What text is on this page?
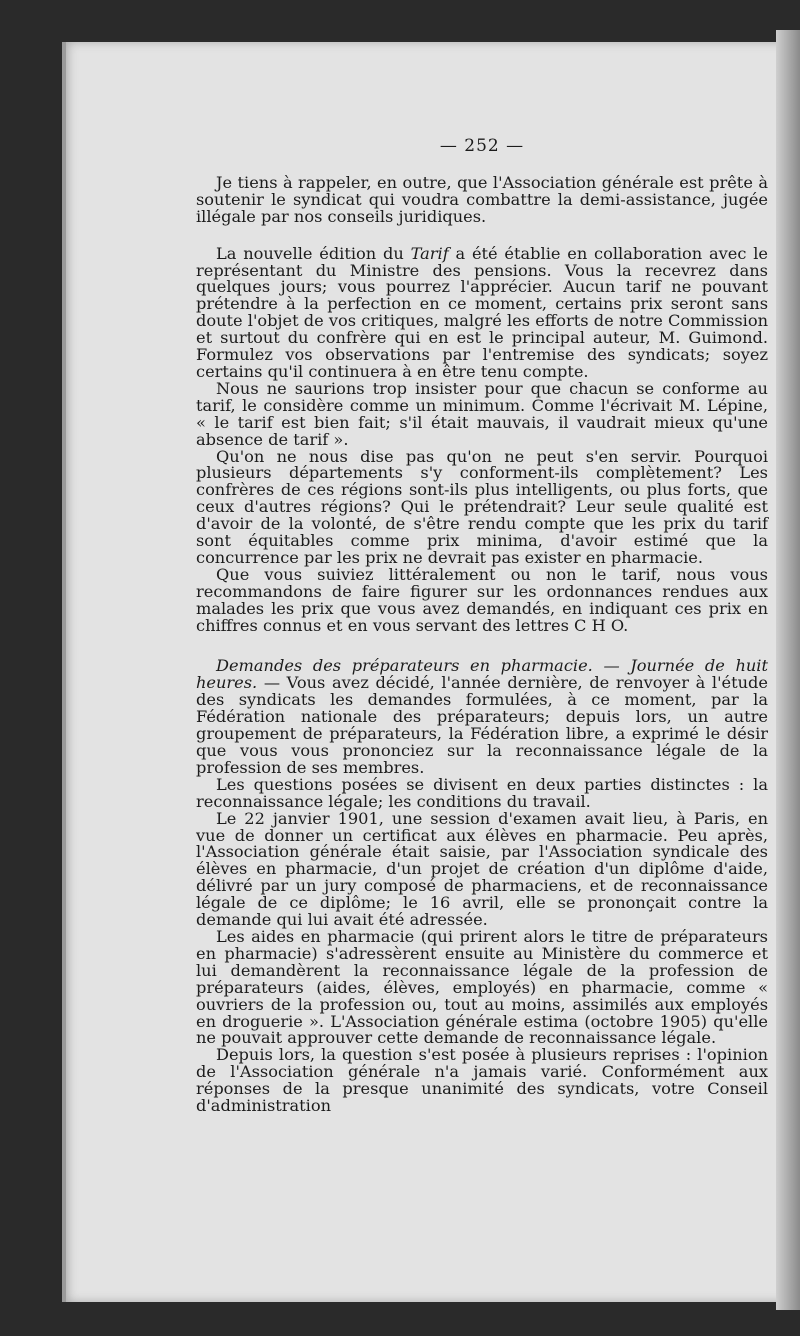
— 252 —

Je tiens à rappeler, en outre, que l'Association générale est prête à soutenir le syndicat qui voudra combattre la demi-assistance, jugée illégale par nos conseils juridiques.

La nouvelle édition du Tarif a été établie en collaboration avec le représentant du Ministre des pensions. Vous la recevrez dans quelques jours; vous pourrez l'apprécier. Aucun tarif ne pouvant prétendre à la perfection en ce moment, certains prix seront sans doute l'objet de vos critiques, malgré les efforts de notre Commission et surtout du confrère qui en est le principal auteur, M. Guimond. Formulez vos observations par l'entremise des syndicats; soyez certains qu'il continuera à en être tenu compte.

Nous ne saurions trop insister pour que chacun se conforme au tarif, le considère comme un minimum. Comme l'écrivait M. Lépine, « le tarif est bien fait; s'il était mauvais, il vaudrait mieux qu'une absence de tarif ».

Qu'on ne nous dise pas qu'on ne peut s'en servir. Pourquoi plusieurs départements s'y conforment-ils complètement? Les confrères de ces régions sont-ils plus intelligents, ou plus forts, que ceux d'autres régions? Qui le prétendrait? Leur seule qualité est d'avoir de la volonté, de s'être rendu compte que les prix du tarif sont équitables comme prix minima, d'avoir estimé que la concurrence par les prix ne devrait pas exister en pharmacie.

Que vous suiviez littéralement ou non le tarif, nous vous recommandons de faire figurer sur les ordonnances rendues aux malades les prix que vous avez demandés, en indiquant ces prix en chiffres connus et en vous servant des lettres C H O.

Demandes des préparateurs en pharmacie. — Journée de huit heures. — Vous avez décidé, l'année dernière, de renvoyer à l'étude des syndicats les demandes formulées, à ce moment, par la Fédération nationale des préparateurs; depuis lors, un autre groupement de préparateurs, la Fédération libre, a exprimé le désir que vous vous prononciez sur la reconnaissance légale de la profession de ses membres.

Les questions posées se divisent en deux parties distinctes : la reconnaissance légale; les conditions du travail.

Le 22 janvier 1901, une session d'examen avait lieu, à Paris, en vue de donner un certificat aux élèves en pharmacie. Peu après, l'Association générale était saisie, par l'Association syndicale des élèves en pharmacie, d'un projet de création d'un diplôme d'aide, délivré par un jury composé de pharmaciens, et de reconnaissance légale de ce diplôme; le 16 avril, elle se prononçait contre la demande qui lui avait été adressée.

Les aides en pharmacie (qui prirent alors le titre de préparateurs en pharmacie) s'adressèrent ensuite au Ministère du commerce et lui demandèrent la reconnaissance légale de la profession de préparateurs (aides, élèves, employés) en pharmacie, comme « ouvriers de la profession ou, tout au moins, assimilés aux employés en droguerie ». L'Association générale estima (octobre 1905) qu'elle ne pouvait approuver cette demande de reconnaissance légale.

Depuis lors, la question s'est posée à plusieurs reprises : l'opinion de l'Association générale n'a jamais varié. Conformément aux réponses de la presque unanimité des syndicats, votre Conseil d'administration
